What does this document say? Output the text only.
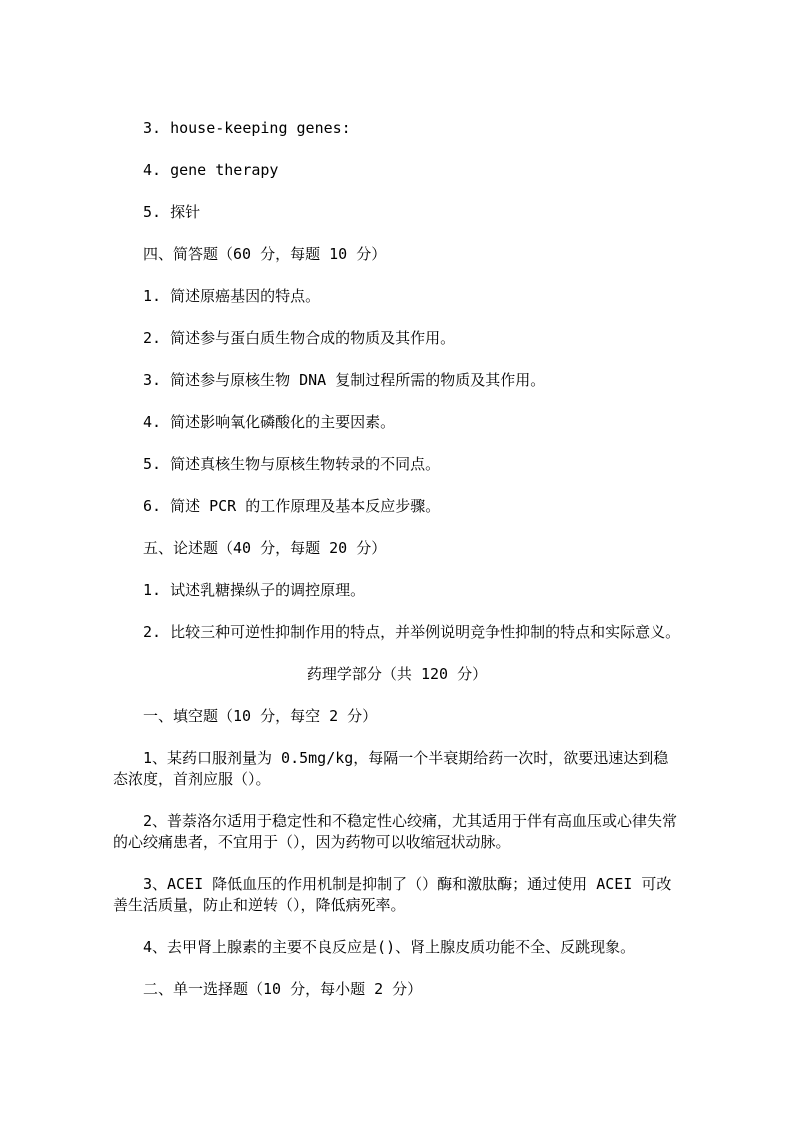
3. house-keeping genes:

4. gene therapy

5. 探针

四、简答题（60 分，每题 10 分）

1. 简述原癌基因的特点。

2. 简述参与蛋白质生物合成的物质及其作用。

3. 简述参与原核生物 DNA 复制过程所需的物质及其作用。

4. 简述影响氧化磷酸化的主要因素。

5. 简述真核生物与原核生物转录的不同点。

6. 简述 PCR 的工作原理及基本反应步骤。

五、论述题（40 分，每题 20 分）

1. 试述乳糖操纵子的调控原理。

2. 比较三种可逆性抑制作用的特点，并举例说明竞争性抑制的特点和实际意义。

药理学部分（共 120 分）

一、填空题（10 分，每空 2 分）

1、某药口服剂量为 0.5mg/kg，每隔一个半衰期给药一次时，欲要迅速达到稳态浓度，首剂应服（）。

2、普萘洛尔适用于稳定性和不稳定性心绞痛，尤其适用于伴有高血压或心律失常的心绞痛患者，不宜用于（），因为药物可以收缩冠状动脉。

3、ACEI 降低血压的作用机制是抑制了（）酶和激肽酶；通过使用 ACEI 可改善生活质量，防止和逆转（），降低病死率。

4、去甲肾上腺素的主要不良反应是()、肾上腺皮质功能不全、反跳现象。

二、单一选择题（10 分，每小题 2 分）
